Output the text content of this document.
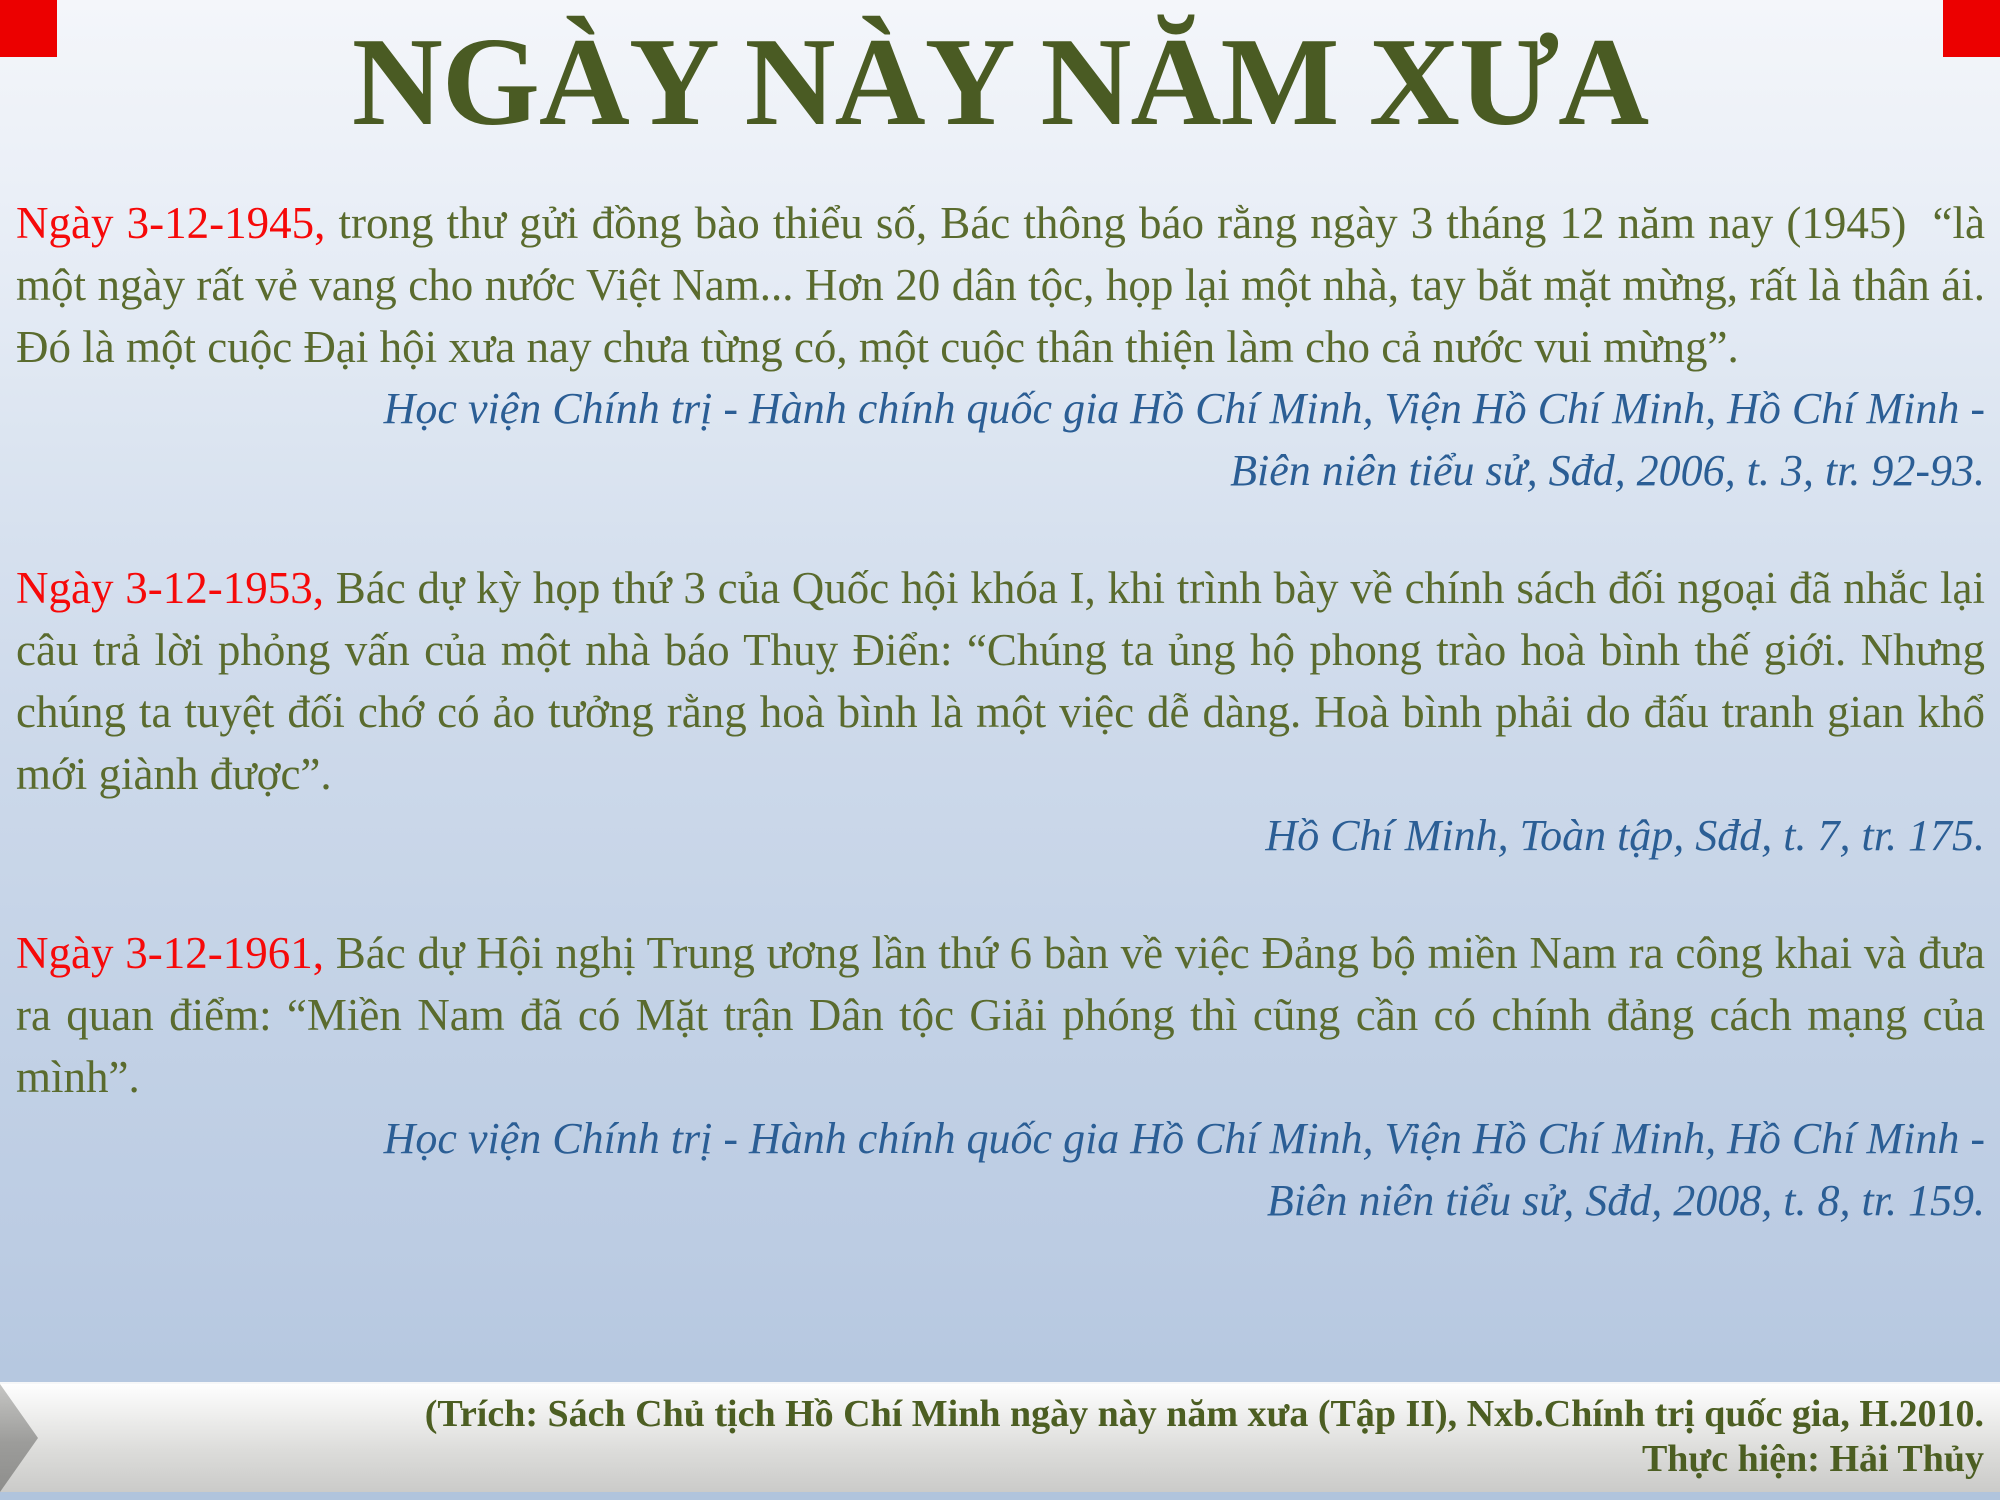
NGÀY NÀY NĂM XƯA

Ngày 3-12-1945, trong thư gửi đồng bào thiểu số, Bác thông báo rằng ngày 3 tháng 12 năm nay (1945)  “là một ngày rất vẻ vang cho nước Việt Nam... Hơn 20 dân tộc, họp lại một nhà, tay bắt mặt mừng, rất là thân ái. Đó là một cuộc Đại hội xưa nay chưa từng có, một cuộc thân thiện làm cho cả nước vui mừng”.

Học viện Chính trị - Hành chính quốc gia Hồ Chí Minh, Viện Hồ Chí Minh, Hồ Chí Minh -
Biên niên tiểu sử, Sđd, 2006, t. 3, tr. 92-93.

Ngày 3-12-1953, Bác dự kỳ họp thứ 3 của Quốc hội khóa I, khi trình bày về chính sách đối ngoại đã nhắc lại câu trả lời phỏng vấn của một nhà báo Thuỵ Điển: “Chúng ta ủng hộ phong trào hoà bình thế giới. Nhưng chúng ta tuyệt đối chớ có ảo tưởng rằng hoà bình là một việc dễ dàng. Hoà bình phải do đấu tranh gian khổ mới giành được”.

Hồ Chí Minh, Toàn tập, Sđd, t. 7, tr. 175.

Ngày 3-12-1961, Bác dự Hội nghị Trung ương lần thứ 6 bàn về việc Đảng bộ miền Nam ra công khai và đưa ra quan điểm: “Miền Nam đã có Mặt trận Dân tộc Giải phóng thì cũng cần có chính đảng cách mạng của mình”.

Học viện Chính trị - Hành chính quốc gia Hồ Chí Minh, Viện Hồ Chí Minh, Hồ Chí Minh -
Biên niên tiểu sử, Sđd, 2008, t. 8, tr. 159.
(Trích: Sách Chủ tịch Hồ Chí Minh ngày này năm xưa (Tập II), Nxb.Chính trị quốc gia, H.2010.
Thực hiện: Hải Thủy
